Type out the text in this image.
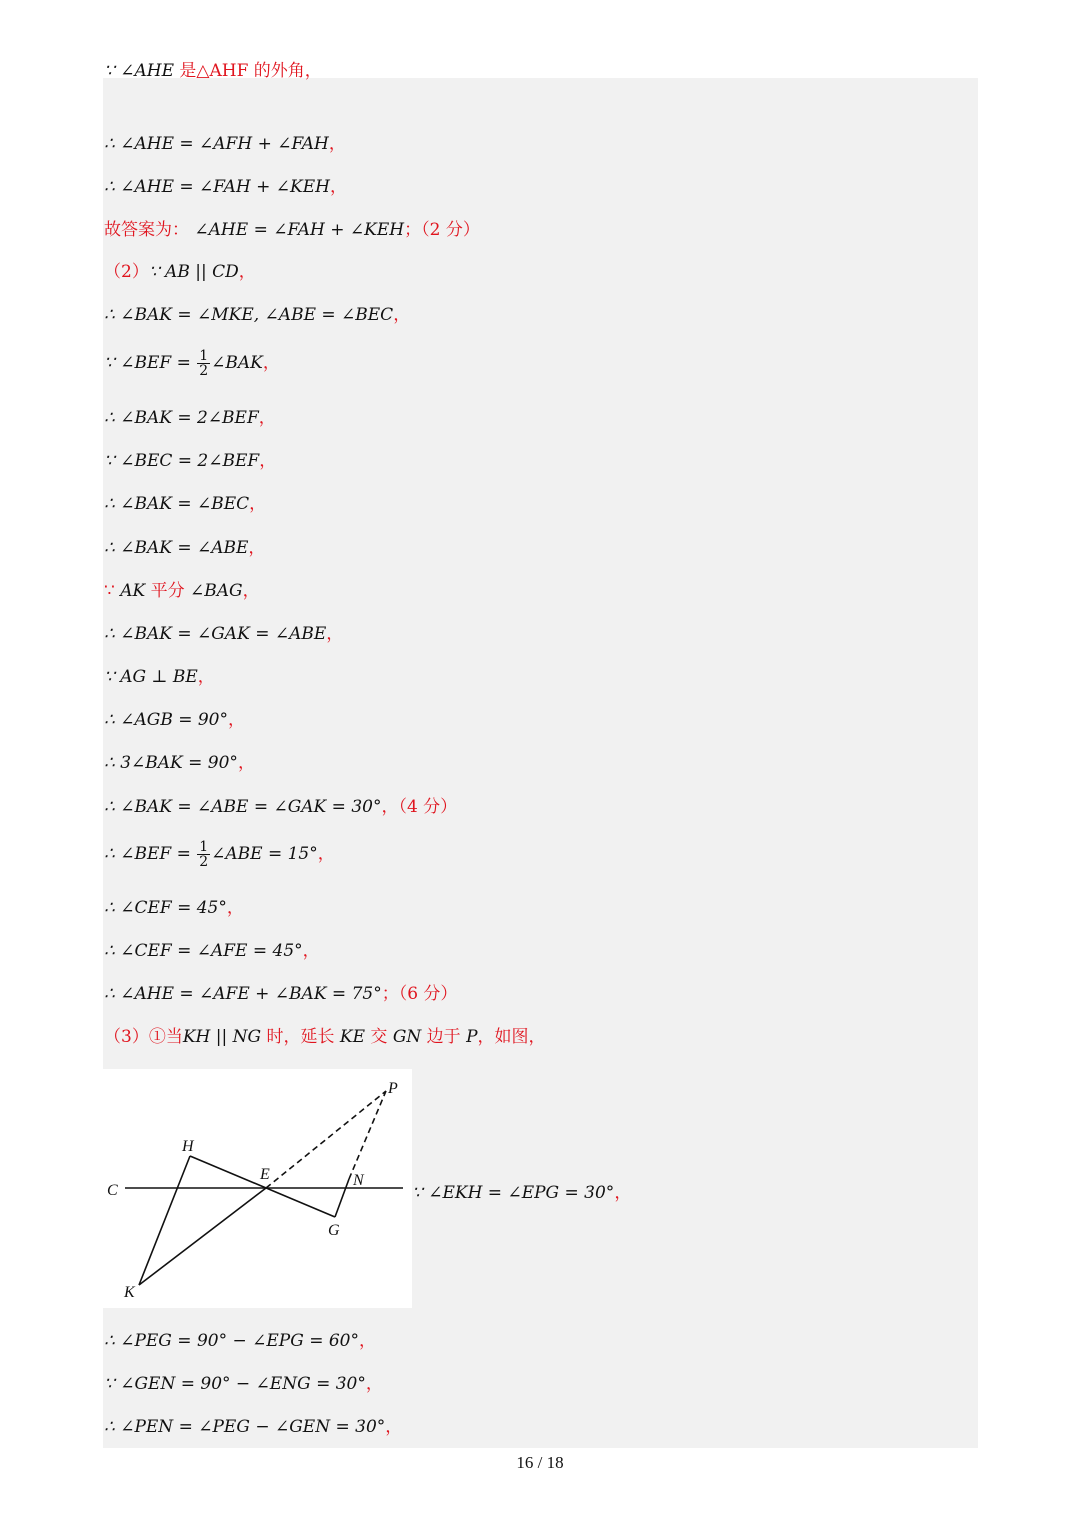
∵ ∠AHE 是△AHF 的外角，
∴ ∠AHE = ∠AFH + ∠FAH，
∴ ∠AHE = ∠FAH + ∠KEH，
故答案为： ∠AHE = ∠FAH + ∠KEH；（2 分）
（2）∵ AB || CD，
∴ ∠BAK = ∠MKE, ∠ABE = ∠BEC，
∴ ∠BAK = 2∠BEF，
∵ ∠BEC = 2∠BEF，
∴ ∠BAK = ∠BEC，
∴ ∠BAK = ∠ABE，
∵ AK 平分 ∠BAG，
∴ ∠BAK = ∠GAK = ∠ABE，
∵ AG ⊥ BE，
∴ ∠AGB = 90°，
∴ 3∠BAK = 90°，
∴ ∠BAK = ∠ABE = ∠GAK = 30°，（4 分）
∴ ∠CEF = 45°，
∴ ∠CEF = ∠AFE = 45°，
∴ ∠AHE = ∠AFE + ∠BAK = 75°；（6 分）
（3）①当KH || NG 时，延长 KE 交 GN 边于 P，如图，
∴ ∠PEG = 90° − ∠EPG = 60°，
∵ ∠GEN = 90° − ∠ENG = 30°，
∴ ∠PEN = ∠PEG − ∠GEN = 30°，
∵ ∠BEF = $\frac{1}{2}$ ∠BAK，
∴ ∠BEF = $\frac{1}{2}$ ∠ABE = 15°，
H
E	N
P
C
G
K
∵ ∠EKH = ∠EPG = 30°，
16 / 18
